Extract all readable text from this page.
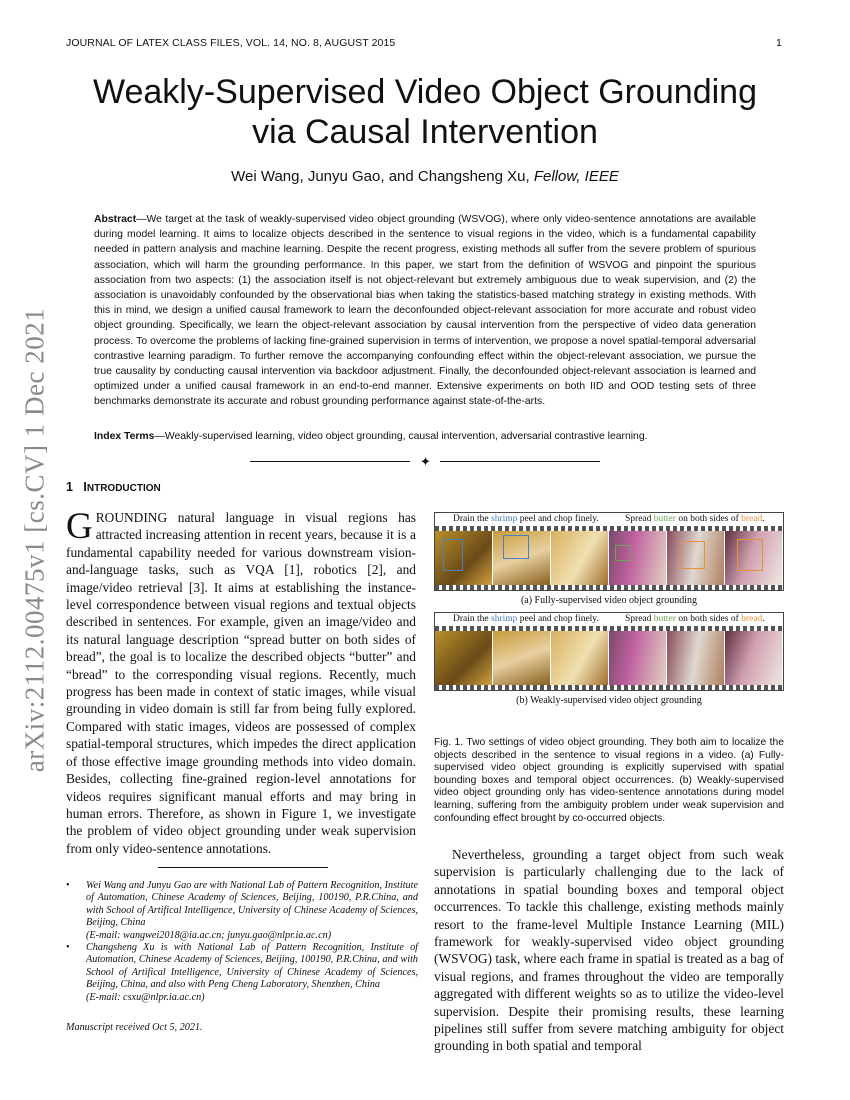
JOURNAL OF LATEX CLASS FILES, VOL. 14, NO. 8, AUGUST 2015	1
Weakly-Supervised Video Object Grounding
via Causal Intervention
Wei Wang, Junyu Gao, and Changsheng Xu, Fellow, IEEE
Abstract—We target at the task of weakly-supervised video object grounding (WSVOG), where only video-sentence annotations are available during model learning. It aims to localize objects described in the sentence to visual regions in the video, which is a fundamental capability needed in pattern analysis and machine learning. Despite the recent progress, existing methods all suffer from the severe problem of spurious association, which will harm the grounding performance. In this paper, we start from the definition of WSVOG and pinpoint the spurious association from two aspects: (1) the association itself is not object-relevant but extremely ambiguous due to weak supervision, and (2) the association is unavoidably confounded by the observational bias when taking the statistics-based matching strategy in existing methods. With this in mind, we design a unified causal framework to learn the deconfounded object-relevant association for more accurate and robust video object grounding. Specifically, we learn the object-relevant association by causal intervention from the perspective of video data generation process. To overcome the problems of lacking fine-grained supervision in terms of intervention, we propose a novel spatial-temporal adversarial contrastive learning paradigm. To further remove the accompanying confounding effect within the object-relevant association, we pursue the true causality by conducting causal intervention via backdoor adjustment. Finally, the deconfounded object-relevant association is learned and optimized under a unified causal framework in an end-to-end manner. Extensive experiments on both IID and OOD testing sets of three benchmarks demonstrate its accurate and robust grounding performance against state-of-the-arts.
Index Terms—Weakly-supervised learning, video object grounding, causal intervention, adversarial contrastive learning.
✦
arXiv:2112.00475v1 [cs.CV] 1 Dec 2021 1 INTRODUCTION
GROUNDING natural language in visual regions has attracted increasing attention in recent years, because it is a fundamental capability needed for various downstream vision-and-language tasks, such as VQA [1], robotics [2], and image/video retrieval [3]. It aims at establishing the instance-level correspondence between visual regions and textual objects described in sentences. For example, given an image/video and its natural language description “spread butter on both sides of bread”, the goal is to localize the described objects “butter” and “bread” to the corresponding visual regions. Recently, much progress has been made in context of static images, while visual grounding in video domain is still far from being fully explored. Compared with static images, videos are possessed of complex spatial-temporal structures, which impedes the direct application of those effective image grounding methods into video domain. Besides, collecting fine-grained region-level annotations for videos requires significant manual efforts and may bring in human errors. Therefore, as shown in Figure 1, we investigate the problem of video object grounding under weak supervision from only video-sentence annotations.
• Wei Wang and Junyu Gao are with National Lab of Pattern Recognition, Institute of Automation, Chinese Academy of Sciences, Beijing, 100190, P.R.China, and with School of Artifical Intelligence, University of Chinese Academy of Sciences, Beijing, China
(E-mail: wangwei2018@ia.ac.cn; junyu.gao@nlpr.ia.ac.cn)
• Changsheng Xu is with National Lab of Pattern Recognition, Institute of Automation, Chinese Academy of Sciences, Beijing, 100190, P.R.China, and with School of Artifical Intelligence, University of Chinese Academy of Sciences, Beijing, China, and also with Peng Cheng Laboratory, Shenzhen, China
(E-mail: csxu@nlpr.ia.ac.cn)
Manuscript received Oct 5, 2021.
Drain the shrimp peel and chop finely.	Spread butter on both sides of bread.
(a) Fully-supervised video object grounding
Drain the shrimp peel and chop finely.	Spread butter on both sides of bread.
(b) Weakly-supervised video object grounding
Fig. 1. Two settings of video object grounding. They both aim to localize the objects described in the sentence to visual regions in a video. (a) Fully-supervised video object grounding is explicitly supervised with spatial bounding boxes and temporal object occurrences. (b) Weakly-supervised video object grounding only has video-sentence annotations during model learning, suffering from the ambiguity problem under weak supervision and confounding effect brought by co-occurred objects.
Nevertheless, grounding a target object from such weak supervision is particularly challenging due to the lack of annotations in spatial bounding boxes and temporal object occurrences. To tackle this challenge, existing methods mainly resort to the frame-level Multiple Instance Learning (MIL) framework for weakly-supervised video object grounding (WSVOG) task, where each frame in spatial is treated as a bag of visual regions, and frames throughout the video are temporally aggregated with different weights so as to utilize the video-level supervision. Despite their promising results, these learning pipelines still suffer from severe matching ambiguity for object grounding in both spatial and temporal
